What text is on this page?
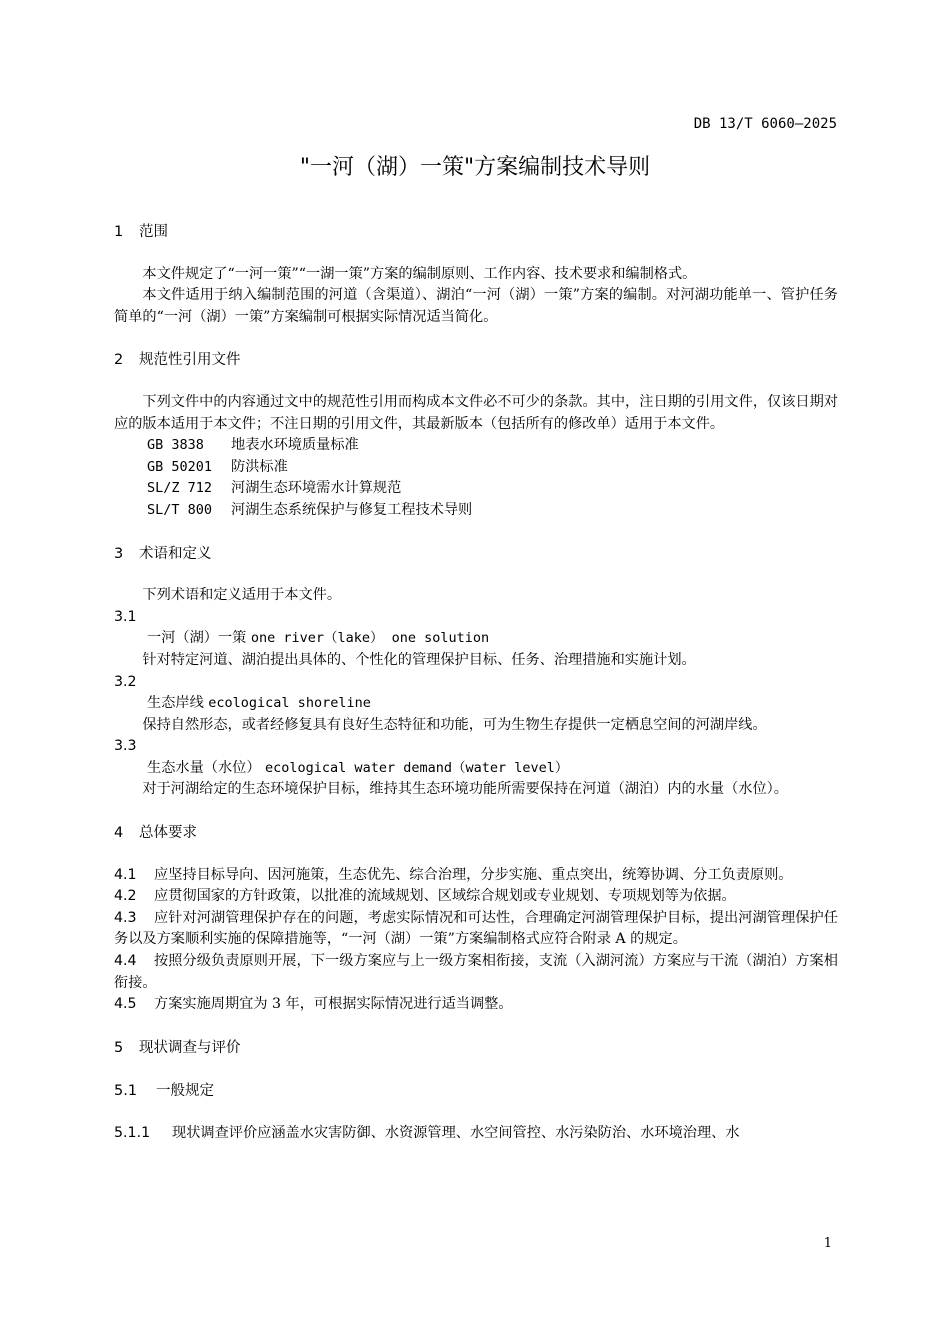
DB 13/T 6060—2025
"一河（湖）一策"方案编制技术导则
1 范围

本文件规定了“一河一策”“一湖一策”方案的编制原则、工作内容、技术要求和编制格式。

本文件适用于纳入编制范围的河道（含渠道）、湖泊“一河（湖）一策”方案的编制。对河湖功能单一、管护任务简单的“一河（湖）一策”方案编制可根据实际情况适当简化。

2 规范性引用文件

下列文件中的内容通过文中的规范性引用而构成本文件必不可少的条款。其中，注日期的引用文件，仅该日期对应的版本适用于本文件；不注日期的引用文件，其最新版本（包括所有的修改单）适用于本文件。

GB 3838 地表水环境质量标准
GB 50201 防洪标准
SL/Z 712 河湖生态环境需水计算规范
SL/T 800 河湖生态系统保护与修复工程技术导则
3 术语和定义

下列术语和定义适用于本文件。

3.1
一河（湖）一策 one river（lake） one solution

针对特定河道、湖泊提出具体的、个性化的管理保护目标、任务、治理措施和实施计划。

3.2
生态岸线 ecological shoreline

保持自然形态，或者经修复具有良好生态特征和功能，可为生物生存提供一定栖息空间的河湖岸线。

3.3
生态水量（水位） ecological water demand（water level）

对于河湖给定的生态环境保护目标，维持其生态环境功能所需要保持在河道（湖泊）内的水量（水位）。

4 总体要求

4.1 应坚持目标导向、因河施策，生态优先、综合治理，分步实施、重点突出，统筹协调、分工负责原则。

4.2 应贯彻国家的方针政策，以批准的流域规划、区域综合规划或专业规划、专项规划等为依据。

4.3 应针对河湖管理保护存在的问题，考虑实际情况和可达性，合理确定河湖管理保护目标，提出河湖管理保护任务以及方案顺利实施的保障措施等，“一河（湖）一策”方案编制格式应符合附录 A 的规定。

4.4 按照分级负责原则开展，下一级方案应与上一级方案相衔接，支流（入湖河流）方案应与干流（湖泊）方案相衔接。

4.5 方案实施周期宜为 3 年，可根据实际情况进行适当调整。

5 现状调查与评价
5.1 一般规定

5.1.1 现状调查评价应涵盖水灾害防御、水资源管理、水空间管控、水污染防治、水环境治理、水

1
